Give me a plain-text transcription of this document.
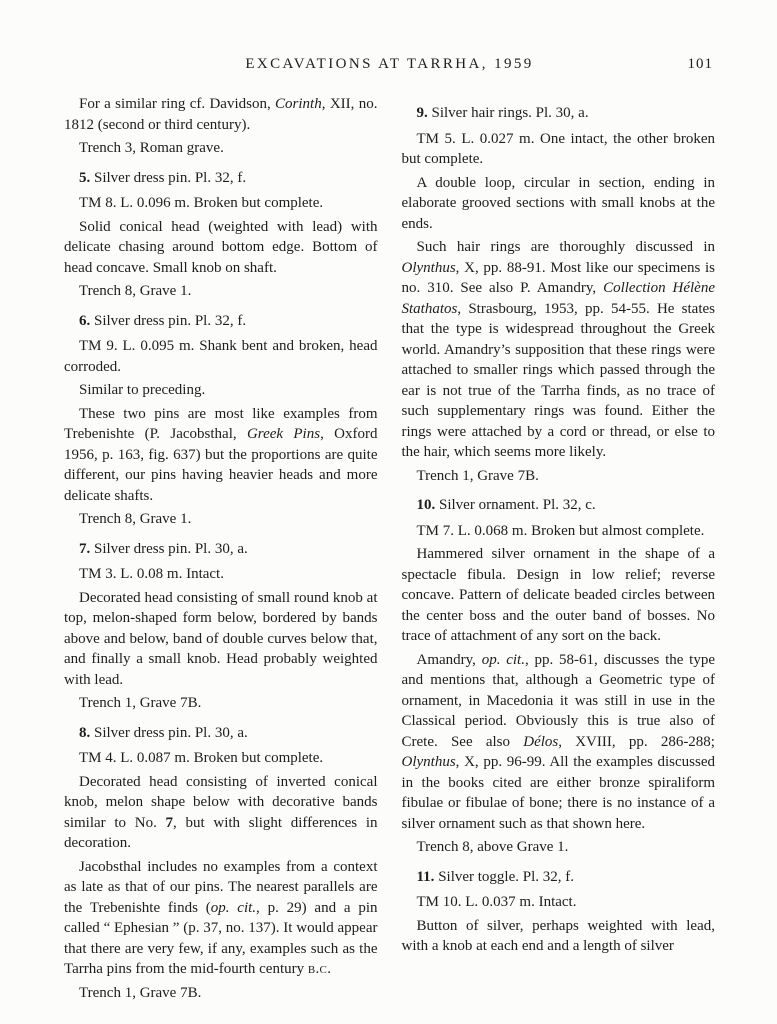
EXCAVATIONS AT TARRHA, 1959	101

For a similar ring cf. Davidson, Corinth, XII, no. 1812 (second or third century).

Trench 3, Roman grave.

5. Silver dress pin. Pl. 32, f.

TM 8. L. 0.096 m. Broken but complete.

Solid conical head (weighted with lead) with delicate chasing around bottom edge. Bottom of head concave. Small knob on shaft.

Trench 8, Grave 1.

6. Silver dress pin. Pl. 32, f.

TM 9. L. 0.095 m. Shank bent and broken, head corroded.

Similar to preceding.

These two pins are most like examples from Trebenishte (P. Jacobsthal, Greek Pins, Oxford 1956, p. 163, fig. 637) but the proportions are quite different, our pins having heavier heads and more delicate shafts.

Trench 8, Grave 1.

7. Silver dress pin. Pl. 30, a.

TM 3. L. 0.08 m. Intact.

Decorated head consisting of small round knob at top, melon-shaped form below, bordered by bands above and below, band of double curves below that, and finally a small knob. Head probably weighted with lead.

Trench 1, Grave 7B.

8. Silver dress pin. Pl. 30, a.

TM 4. L. 0.087 m. Broken but complete.

Decorated head consisting of inverted conical knob, melon shape below with decorative bands similar to No. 7, but with slight differences in decoration.

Jacobsthal includes no examples from a context as late as that of our pins. The nearest parallels are the Trebenishte finds (op. cit., p. 29) and a pin called “ Ephesian ” (p. 37, no. 137). It would appear that there are very few, if any, examples such as the Tarrha pins from the mid-fourth century b.c.

Trench 1, Grave 7B.

9. Silver hair rings. Pl. 30, a.

TM 5. L. 0.027 m. One intact, the other broken but complete.

A double loop, circular in section, ending in elaborate grooved sections with small knobs at the ends.

Such hair rings are thoroughly discussed in Olynthus, X, pp. 88-91. Most like our specimens is no. 310. See also P. Amandry, Collection Hélène Stathatos, Strasbourg, 1953, pp. 54-55. He states that the type is widespread throughout the Greek world. Amandry’s supposition that these rings were attached to smaller rings which passed through the ear is not true of the Tarrha finds, as no trace of such supplementary rings was found. Either the rings were attached by a cord or thread, or else to the hair, which seems more likely.

Trench 1, Grave 7B.

10. Silver ornament. Pl. 32, c.

TM 7. L. 0.068 m. Broken but almost complete.

Hammered silver ornament in the shape of a spectacle fibula. Design in low relief; reverse concave. Pattern of delicate beaded circles between the center boss and the outer band of bosses. No trace of attachment of any sort on the back.

Amandry, op. cit., pp. 58-61, discusses the type and mentions that, although a Geometric type of ornament, in Macedonia it was still in use in the Classical period. Obviously this is true also of Crete. See also Délos, XVIII, pp. 286-288; Olynthus, X, pp. 96-99. All the examples discussed in the books cited are either bronze spiraliform fibulae or fibulae of bone; there is no instance of a silver ornament such as that shown here.

Trench 8, above Grave 1.

11. Silver toggle. Pl. 32, f.

TM 10. L. 0.037 m. Intact.

Button of silver, perhaps weighted with lead, with a knob at each end and a length of silver
